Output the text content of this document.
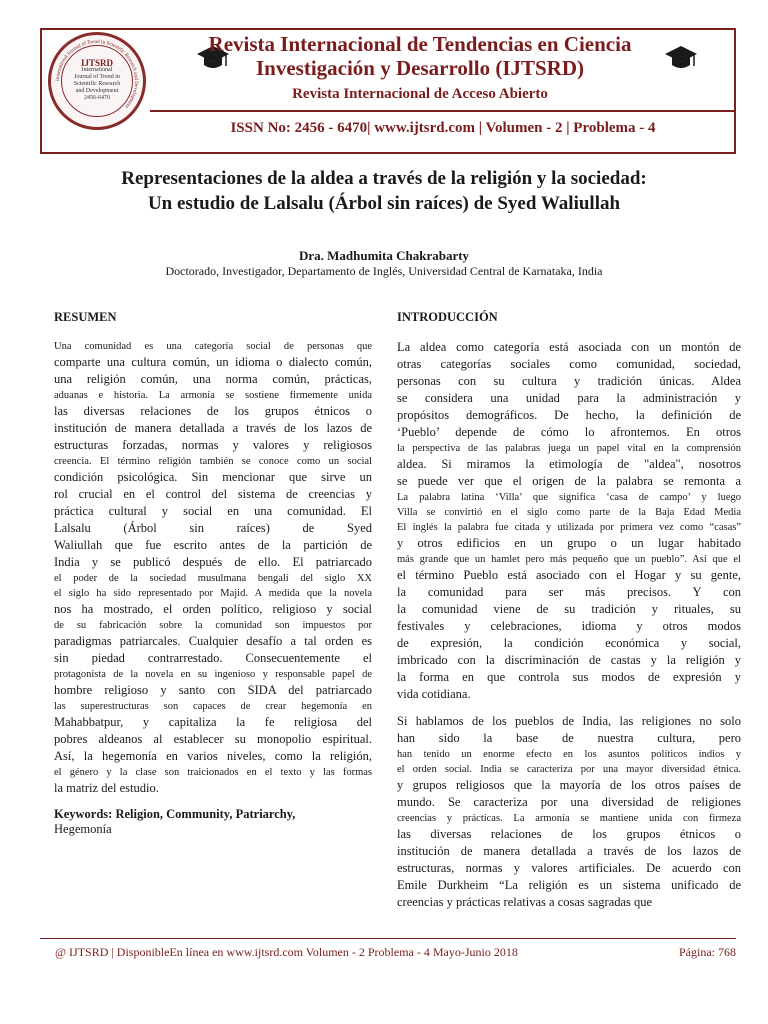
International Journal of Trend in Scientific Research and Development
IJTSRD
International
Journal of Trend in
Scientific Research
and Development
2456-6470
Revista Internacional de Tendencias en Ciencia
Investigación y Desarrollo (IJTSRD)
Revista Internacional de Acceso Abierto
ISSN No: 2456 - 6470| www.ijtsrd.com | Volumen - 2 | Problema - 4
Representaciones de la aldea a través de la religión y la sociedad:
Un estudio de Lalsalu (Árbol sin raíces) de Syed Waliullah
Dra. Madhumita Chakrabarty
Doctorado, Investigador, Departamento de Inglés, Universidad Central de Karnataka, India
RESUMEN

Una comunidad es una categoría social de personas que

comparte una cultura común, un idioma o dialecto común,

una religión común, una norma común, prácticas,

aduanas e historia. La armonía se sostiene firmemente unida

las diversas relaciones de los grupos étnicos o

institución de manera detallada a través de los lazos de

estructuras forzadas, normas y valores y religiosos

creencia. El término religión también se conoce como un social

condición psicológica. Sin mencionar que sirve un

rol crucial en el control del sistema de creencias y

práctica cultural y social en una comunidad. El

Lalsalu (Árbol sin raíces) de Syed

Waliullah que fue escrito antes de la partición de

India y se publicó después de ello. El patriarcado

el poder de la sociedad musulmana bengalí del siglo XX

el siglo ha sido representado por Majid. A medida que la novela

nos ha mostrado, el orden político, religioso y social

de su fabricación sobre la comunidad son impuestos por

paradigmas patriarcales. Cualquier desafío a tal orden es

sin piedad contrarrestado. Consecuentemente el

protagonista de la novela en su ingenioso y responsable papel de

hombre religioso y santo con SIDA del patriarcado

las superestructuras son capaces de crear hegemonía en

Mahabbatpur, y capitaliza la fe religiosa del

pobres aldeanos al establecer su monopolio espiritual.

Así, la hegemonía en varios niveles, como la religión,

el género y la clase son traicionados en el texto y las formas

la matriz del estudio.

Keywords: Religion, Community, Patriarchy,
Hegemonía

INTRODUCCIÓN

La aldea como categoría está asociada con un montón de

otras categorías sociales como comunidad, sociedad,

personas con su cultura y tradición únicas. Aldea

se considera una unidad para la administración y

propósitos demográficos. De hecho, la definición de

‘Pueblo’ depende de cómo lo afrontemos. En otros

la perspectiva de las palabras juega un papel vital en la comprensión

aldea. Si miramos la etimología de "aldea", nosotros

se puede ver que el origen de la palabra se remonta a

La palabra latina ‘Villa’ que significa ‘casa de campo’ y luego

Villa se convirtió en el siglo como parte de la Baja Edad Media

El inglés la palabra fue citada y utilizada por primera vez como “casas”

y otros edificios en un grupo o un lugar habitado

más grande que un hamlet pero más pequeño que un pueblo”. Así que el

el término Pueblo está asociado con el Hogar y su gente,

la comunidad para ser más precisos. Y con

la comunidad viene de su tradición y rituales, su

festivales y celebraciones, idioma y otros modos

de expresión, la condición económica y social,

imbricado con la discriminación de castas y la religión y

la forma en que controla sus modos de expresión y

vida cotidiana.

Si hablamos de los pueblos de India, las religiones no solo

han sido la base de nuestra cultura, pero

han tenido un enorme efecto en los asuntos políticos indios y

el orden social. India se caracteriza por una mayor diversidad étnica.

y grupos religiosos que la mayoría de los otros países de

mundo. Se caracteriza por una diversidad de religiones

creencias y prácticas. La armonía se mantiene unida con firmeza

las diversas relaciones de los grupos étnicos o

institución de manera detallada a través de los lazos de

estructuras, normas y valores artificiales. De acuerdo con

Emile Durkheim “La religión es un sistema unificado de

creencias y prácticas relativas a cosas sagradas que

@ IJTSRD | DisponibleEn línea en www.ijtsrd.com Volumen - 2 Problema - 4 Mayo-Junio 2018	Página: 768
